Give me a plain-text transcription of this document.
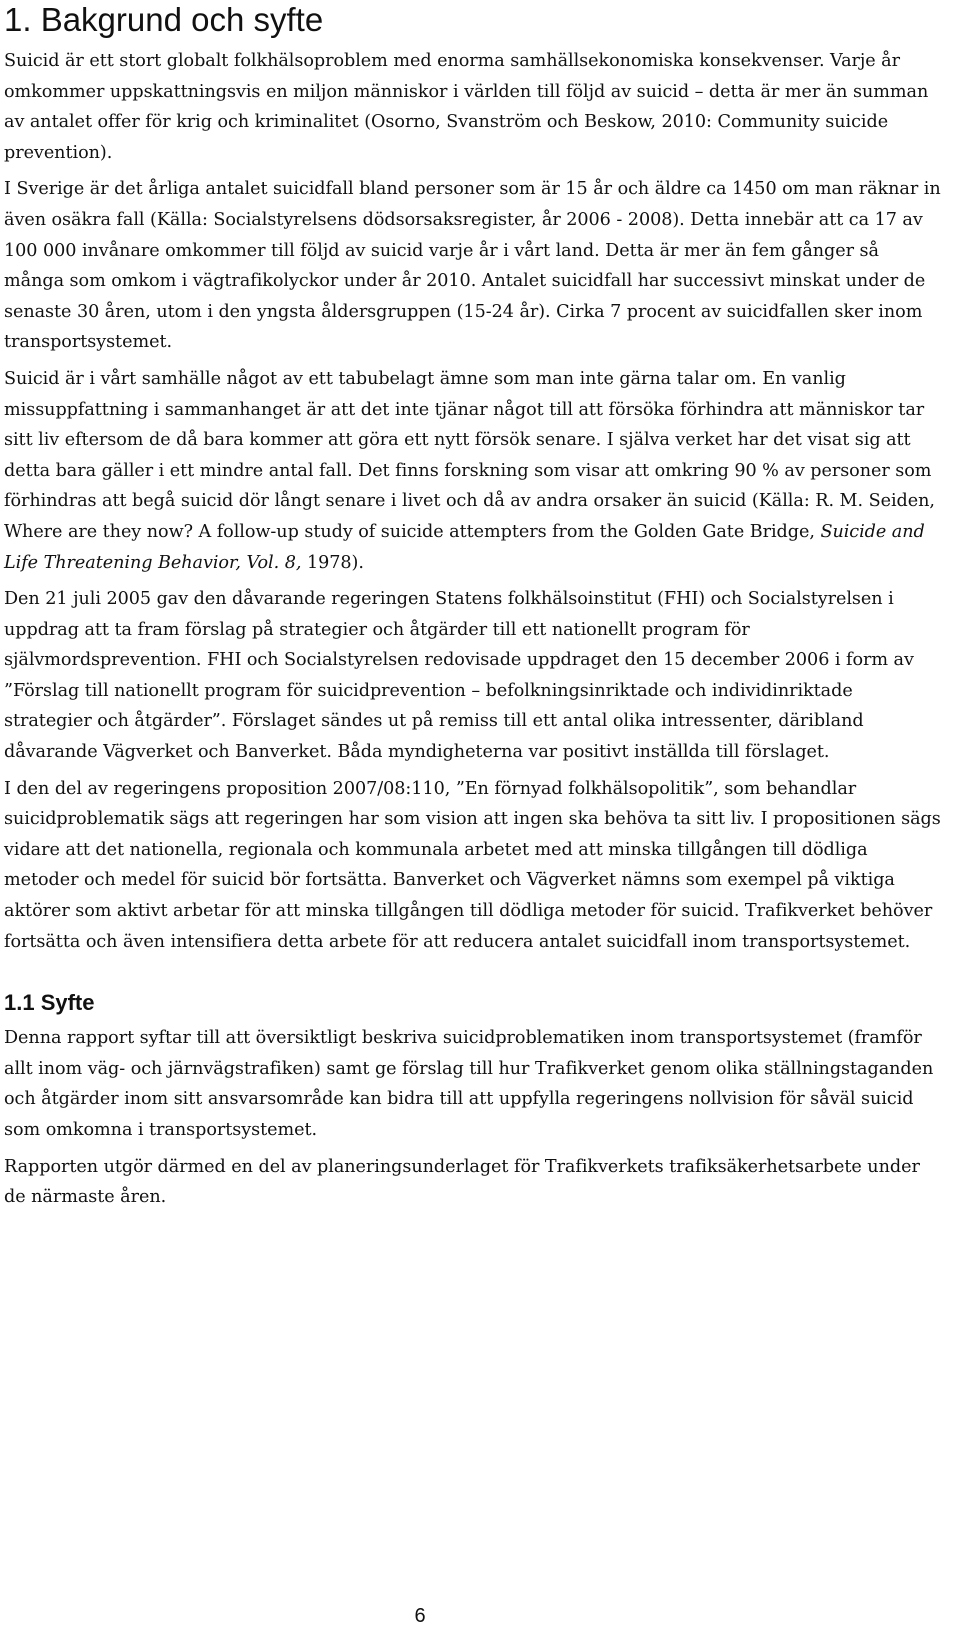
1. Bakgrund och syfte

Suicid är ett stort globalt folkhälsoproblem med enorma samhällsekonomiska konsekvenser. Varje år omkommer uppskattningsvis en miljon människor i världen till följd av suicid – detta är mer än summan av antalet offer för krig och kriminalitet (Osorno, Svanström och Beskow, 2010: Community suicide prevention).

I Sverige är det årliga antalet suicidfall bland personer som är 15 år och äldre ca 1450 om man räknar in även osäkra fall (Källa: Socialstyrelsens dödsorsaksregister, år 2006 - 2008). Detta innebär att ca 17 av 100 000 invånare omkommer till följd av suicid varje år i vårt land. Detta är mer än fem gånger så många som omkom i vägtrafikolyckor under år 2010. Antalet suicidfall har successivt minskat under de senaste 30 åren, utom i den yngsta åldersgruppen (15-24 år). Cirka 7 procent av suicidfallen sker inom transportsystemet.

Suicid är i vårt samhälle något av ett tabubelagt ämne som man inte gärna talar om. En vanlig missuppfattning i sammanhanget är att det inte tjänar något till att försöka förhindra att människor tar sitt liv eftersom de då bara kommer att göra ett nytt försök senare. I själva verket har det visat sig att detta bara gäller i ett mindre antal fall. Det finns forskning som visar att omkring 90 % av personer som förhindras att begå suicid dör långt senare i livet och då av andra orsaker än suicid (Källa: R. M. Seiden, Where are they now? A follow-up study of suicide attempters from the Golden Gate Bridge, Suicide and Life Threatening Behavior, Vol. 8, 1978).

Den 21 juli 2005 gav den dåvarande regeringen Statens folkhälsoinstitut (FHI) och Socialstyrelsen i uppdrag att ta fram förslag på strategier och åtgärder till ett nationellt program för självmordsprevention. FHI och Socialstyrelsen redovisade uppdraget den 15 december 2006 i form av ”Förslag till nationellt program för suicidprevention – befolkningsinriktade och individinriktade strategier och åtgärder”. Förslaget sändes ut på remiss till ett antal olika intressenter, däribland dåvarande Vägverket och Banverket. Båda myndigheterna var positivt inställda till förslaget.

I den del av regeringens proposition 2007/08:110, ”En förnyad folkhälsopolitik”, som behandlar suicidproblematik sägs att regeringen har som vision att ingen ska behöva ta sitt liv. I propositionen sägs vidare att det nationella, regionala och kommunala arbetet med att minska tillgången till dödliga metoder och medel för suicid bör fortsätta. Banverket och Vägverket nämns som exempel på viktiga aktörer som aktivt arbetar för att minska tillgången till dödliga metoder för suicid. Trafikverket behöver fortsätta och även intensifiera detta arbete för att reducera antalet suicidfall inom transportsystemet.

1.1 Syfte

Denna rapport syftar till att översiktligt beskriva suicidproblematiken inom transportsystemet (framför allt inom väg- och järnvägstrafiken) samt ge förslag till hur Trafikverket genom olika ställningstaganden och åtgärder inom sitt ansvarsområde kan bidra till att uppfylla regeringens nollvision för såväl suicid som omkomna i transportsystemet.

Rapporten utgör därmed en del av planeringsunderlaget för Trafikverkets trafiksäkerhetsarbete under de närmaste åren.

6
